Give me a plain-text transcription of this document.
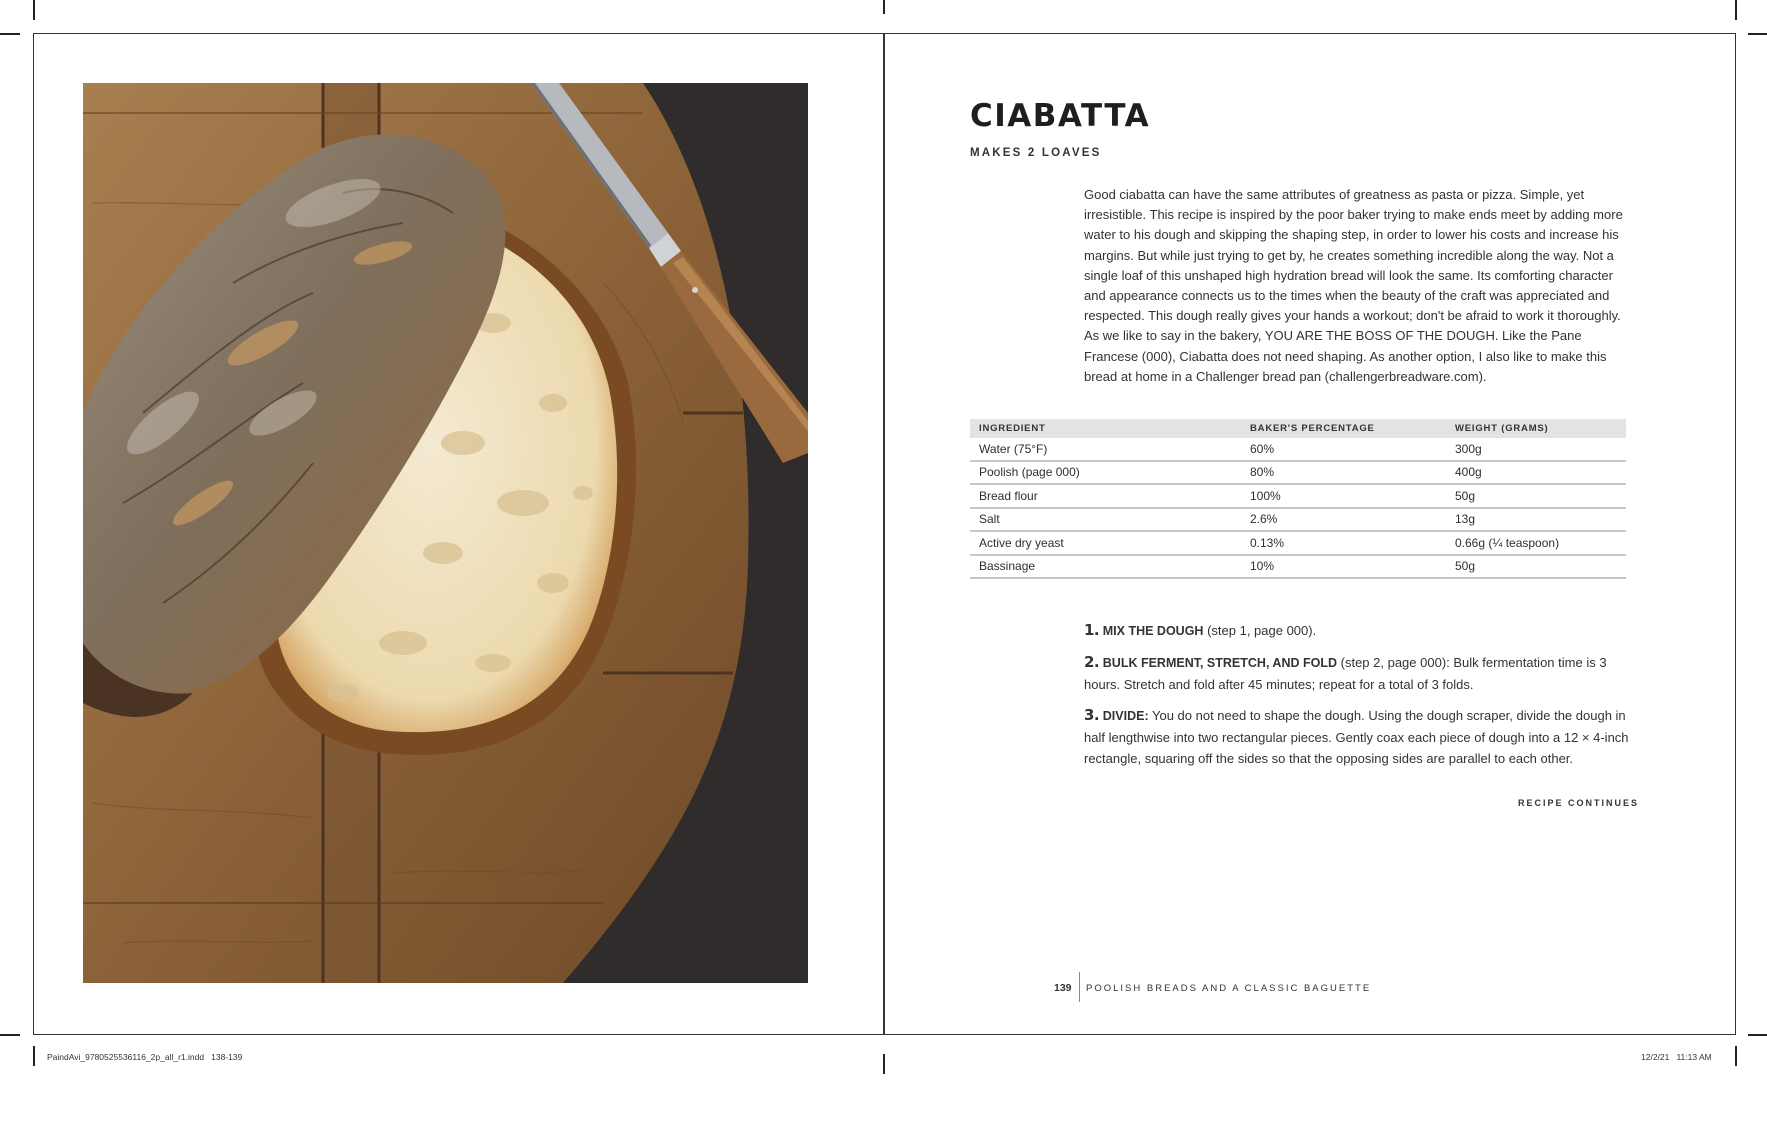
CIABATTA
MAKES 2 LOAVES
Good ciabatta can have the same attributes of greatness as pasta or pizza. Simple, yet irresistible. This recipe is inspired by the poor baker trying to make ends meet by adding more water to his dough and skipping the shaping step, in order to lower his costs and increase his margins. But while just trying to get by, he creates something incredible along the way. Not a single loaf of this unshaped high hydration bread will look the same. Its comforting character and appearance connects us to the times when the beauty of the craft was appreciated and respected. This dough really gives your hands a workout; don't be afraid to work it thoroughly. As we like to say in the bakery, YOU ARE THE BOSS OF THE DOUGH. Like the Pane Francese (000), Ciabatta does not need shaping. As another option, I also like to make this bread at home in a Challenger bread pan (challengerbreadware.com).
INGREDIENT	BAKER'S PERCENTAGE	WEIGHT (GRAMS)
Water (75°F)	60%	300g
Poolish (page 000)	80%	400g
Bread flour	100%	50g
Salt	2.6%	13g
Active dry yeast	0.13%	0.66g (¼ teaspoon)
Bassinage	10%	50g
1. MIX THE DOUGH (step 1, page 000).
2. BULK FERMENT, STRETCH, AND FOLD (step 2, page 000): Bulk fermentation time is 3 hours. Stretch and fold after 45 minutes; repeat for a total of 3 folds.
3. DIVIDE: You do not need to shape the dough. Using the dough scraper, divide the dough in half lengthwise into two rectangular pieces. Gently coax each piece of dough into a 12 × 4-inch rectangle, squaring off the sides so that the opposing sides are parallel to each other.
RECIPE CONTINUES
139 POOLISH BREADS AND A CLASSIC BAGUETTE
PaindAvi_9780525536116_2p_all_r1.indd   138-139	12/2/21   11:13 AM
